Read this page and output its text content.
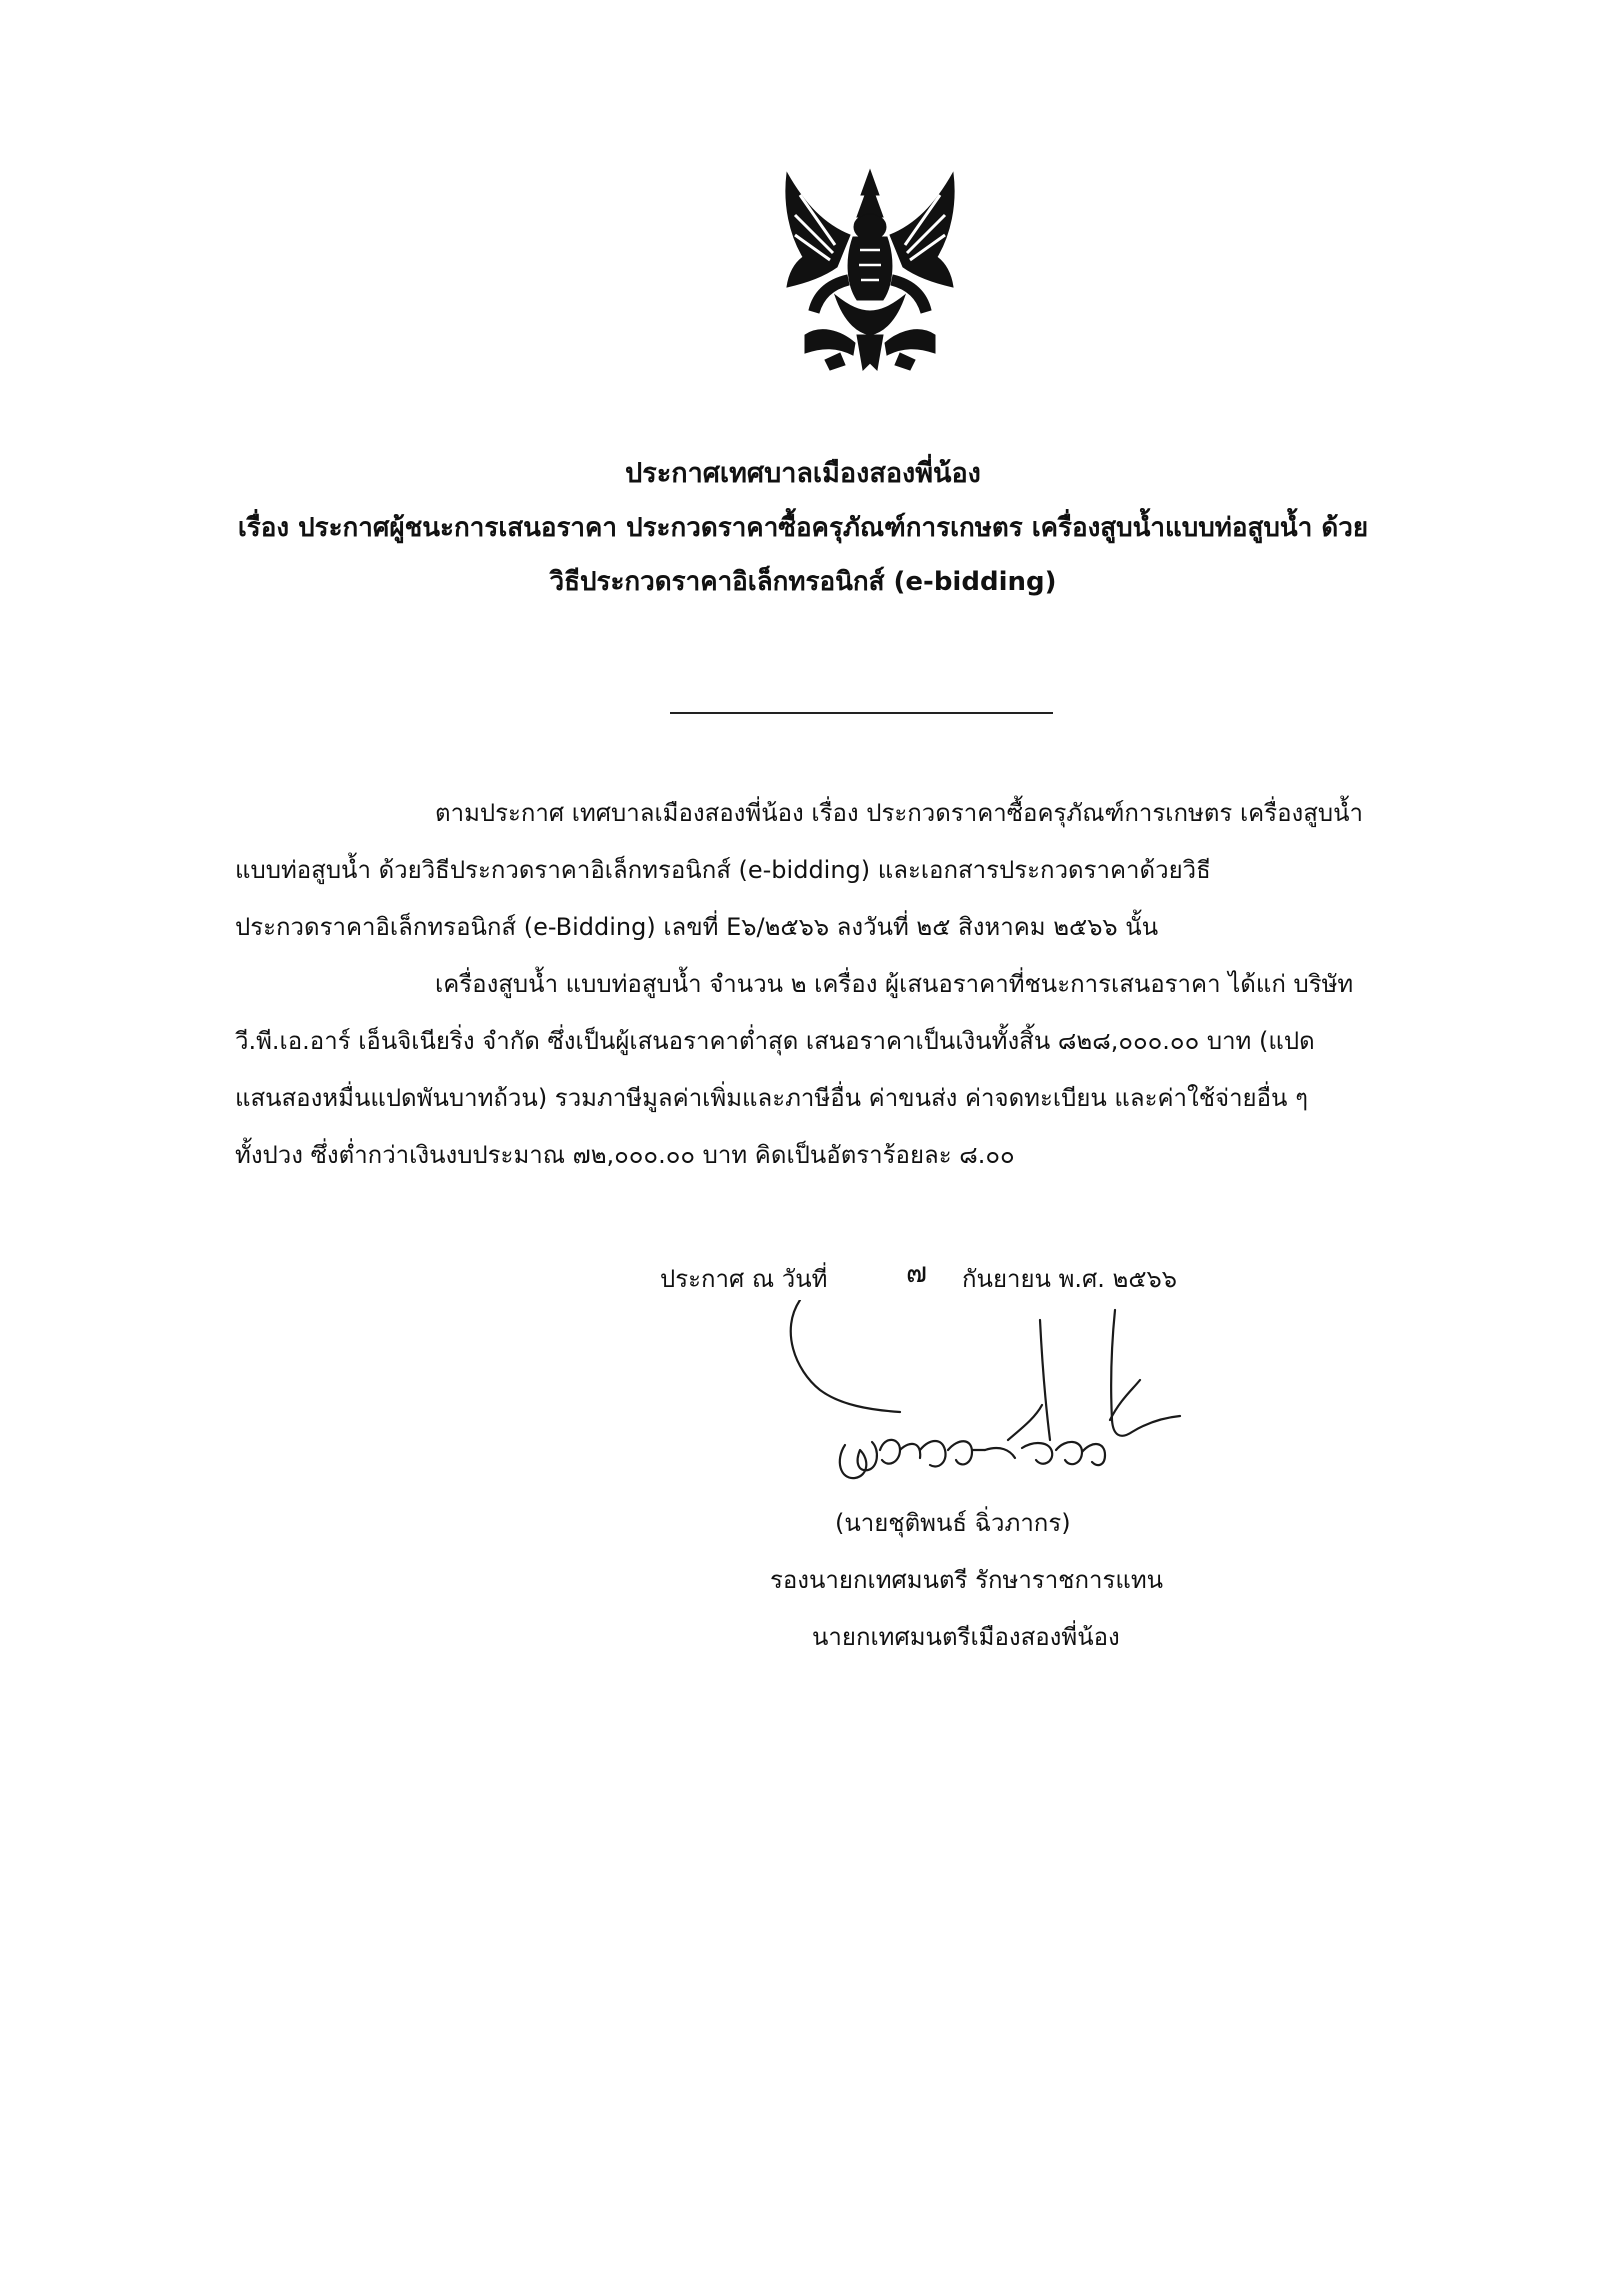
ประกาศเทศบาลเมืองสองพี่น้อง
เรื่อง ประกาศผู้ชนะการเสนอราคา ประกวดราคาซื้อครุภัณฑ์การเกษตร เครื่องสูบน้ำแบบท่อสูบน้ำ ด้วย
วิธีประกวดราคาอิเล็กทรอนิกส์ (e-bidding)
ตามประกาศ เทศบาลเมืองสองพี่น้อง เรื่อง ประกวดราคาซื้อครุภัณฑ์การเกษตร เครื่องสูบน้ำ
แบบท่อสูบน้ำ ด้วยวิธีประกวดราคาอิเล็กทรอนิกส์ (e-bidding) และเอกสารประกวดราคาด้วยวิธี
ประกวดราคาอิเล็กทรอนิกส์ (e-Bidding) เลขที่ E๖/๒๕๖๖ ลงวันที่ ๒๕ สิงหาคม ๒๕๖๖ นั้น
เครื่องสูบน้ำ แบบท่อสูบน้ำ จำนวน ๒ เครื่อง ผู้เสนอราคาที่ชนะการเสนอราคา ได้แก่ บริษัท
วี.พี.เอ.อาร์ เอ็นจิเนียริ่ง จำกัด ซึ่งเป็นผู้เสนอราคาต่ำสุด เสนอราคาเป็นเงินทั้งสิ้น ๘๒๘,๐๐๐.๐๐ บาท (แปด
แสนสองหมื่นแปดพันบาทถ้วน) รวมภาษีมูลค่าเพิ่มและภาษีอื่น ค่าขนส่ง ค่าจดทะเบียน และค่าใช้จ่ายอื่น ๆ
ทั้งปวง ซึ่งต่ำกว่าเงินงบประมาณ ๗๒,๐๐๐.๐๐ บาท คิดเป็นอัตราร้อยละ ๘.๐๐
ประกาศ ณ วันที่	๗ กันยายน พ.ศ. ๒๕๖๖
(นายชุติพนธ์ ฉิ่วภากร)
รองนายกเทศมนตรี รักษาราชการแทน
นายกเทศมนตรีเมืองสองพี่น้อง
